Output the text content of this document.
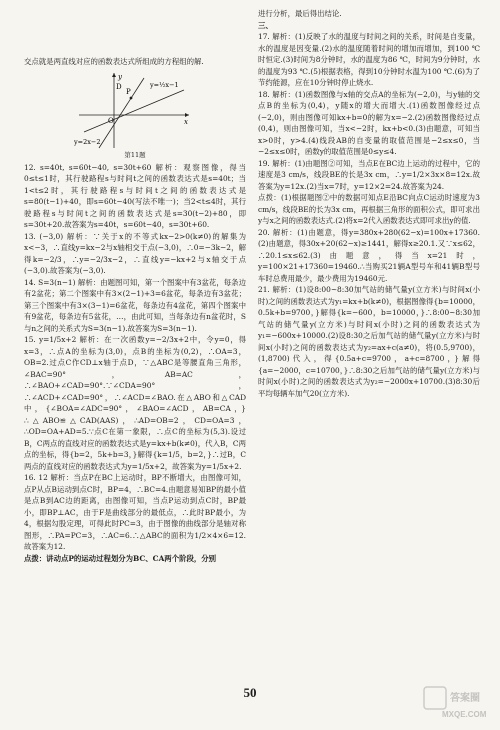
交点就是两直线对应的函数表达式所组成的方程组的解.

D
P
O	x
y
y=½x−1
y=2x−2
第11题

12. s=40t, s=60t−40, s=30t+60 解析：观察图像，得当0≤t≤1时，其行驶路程s与时间t之间的函数表达式是s=40t；当1<t≤2时，其行驶路程s与时间t之间的函数表达式是s=80(t−1)+40，即s=60t−40(写法不唯一)；当2<t≤4时，其行驶路程s与时间t之间的函数表达式是s=30(t−2)+80，即s=30t+20.故答案为s=40t，s=60t−40，s=30t+60.

13. (−3,0) 解析：∵关于x的不等式kx−2>0(k≠0)的解集为x<−3，∴直线y=kx−2与x轴相交于点(−3,0)，∴0=−3k−2，解得k=−2/3，∴y=−2/3x−2，∴直线y=−kx+2与x轴交于点(−3,0).故答案为(−3,0).

14. S=3(n−1) 解析：由题图可知，第一个图案中有3盆花，每条边有2盆花；第二个图案中有3×(2−1)+3=6盆花，每条边有3盆花；第三个图案中有3×(3−1)=6盆花，每条边有4盆花，第四个图案中有9盆花，每条边有5盆花，…，由此可知，当每条边有n盆花时，S与n之间的关系式为S=3(n−1).故答案为S=3(n−1).

15. y=1/5x+2 解析：在一次函数y=−2/3x+2中，令y=0，得x=3，∴点A的坐标为(3,0)，点B的坐标为(0,2)，∴OA=3，OB=2.过点C作CD⊥x轴于点D，∵△ABC是等腰直角三角形，∠BAC=90°，AB=AC，∴∠BAO+∠CAD=90°.∵∠CDA=90°，∴∠ACD+∠CAD=90°，∴∠ACD=∠BAO.在△ABO和△CAD中，{∠BOA=∠ADC=90°，∠BAO=∠ACD，AB=CA，}∴△ABO≌△CAD(AAS)，∴AD=OB=2，CD=OA=3，∴OD=OA+AD=5.∵点C在第一象限，∴点C的坐标为(5,3).设过B，C两点的直线对应的函数表达式是y=kx+b(k≠0)，代入B，C两点的坐标，得{b=2，5k+b=3，}解得{k=1/5，b=2，}∴过B，C两点的直线对应的函数表达式为y=1/5x+2，故答案为y=1/5x+2.

16. 12 解析：当点P在BC上运动时，BP不断增大，由图像可知，点P从点B运动到点C时，BP=4，∴BC=4.由题意易知BP的最小值是点B到AC边的距离，由图像可知，当点P运动到点C时，BP最小，即BP⊥AC，由于F是曲线部分的最低点，∴此时BP最小，为4，根据勾股定理，可得此时PC=3，由于图像的曲线部分是轴对称图形，∴PA=PC=3，∴AC=6.∴△ABC的面积为1/2×4×6=12.故答案为12.

点拨：讲动点P的运动过程划分为BC、CA两个阶段，分别

进行分析，最后得出结论.

三、

17. 解析：(1)反映了水的温度与时间之间的关系，时间是自变量，水的温度是因变量.(2)水的温度随着时间的增加而增加，到100 ℃时恒定.(3)时间为8分钟时，水的温度为86 ℃，时间为9分钟时，水的温度为93 ℃.(5)根据表格，得到10分钟时水温为100 ℃.(6)为了节约能源，应在10分钟时停止烧水.

18. 解析：(1)函数图像与x轴的交点A的坐标为(−2,0)，与y轴的交点B的坐标为(0,4)，y随x的增大而增大.(1)函数图像经过点(−2,0)，则由图像可知kx+b=0的解为x=−2.(2)函数图像经过点(0,4)，则由图像可知，当x<−2时，kx+b<0.(3)由题意，可知当x>0时，y>4.(4)线段AB的自变量的取值范围是−2≤x≤0，当−2≤x≤0时，函数y的取值范围是0≤y≤4.

19. 解析：(1)由题图②可知，当点E在BC边上运动的过程中，它的速度是3 cm/s，线段BE的长是3x cm，∴y=1/2×3x×8=12x.故答案为y=12x.(2)当x=7时，y=12×2=24.故答案为24.

点拨：(1)根据题图②中的数据可知点E沿BC向点C运动时速度为3 cm/s，线段BE的长为3x cm，再根据三角形的面积公式，即可求出y与x之间的函数表达式.(2)将x=2代入函数表达式即可求出y的值.

20. 解析：(1)由题意，得y=380x+280(62−x)=100x+17360.(2)由题意，得30x+20(62−x)≥1441，解得x≥20.1.又∵x≤62，∴20.1≤x≤62.(3)由题意，得当x=21时，y=100×21+17360=19460.∴当购买21辆A型号车和41辆B型号车时总费用最少，最少费用为19460元.

21. 解析：(1)设8:00~8:30加气站的储气量y(立方米)与时间x(小时)之间的函数表达式为y₁=kx+b(k≠0)，根据图像得{b=10000，0.5k+b=9700，}解得{k=−600，b=10000，}∴8:00~8:30加气站的储气量y(立方米)与时间x(小时)之间的函数表达式为y₁=−600x+10000.(2)设8:30之后加气站的储气量y(立方米)与时间x(小时)之间的函数表达式为y₂=ax+c(a≠0)，将(0.5,9700)，(1,8700)代入，得{0.5a+c=9700，a+c=8700，}解得{a=−2000，c=10700，}∴8:30之后加气站的储气量y(立方米)与时间x(小时)之间的函数表达式为y₂=−2000x+10700.(3)8:30后平均每辆车加气20(立方米).

50	答案圈
MXQE.COM
